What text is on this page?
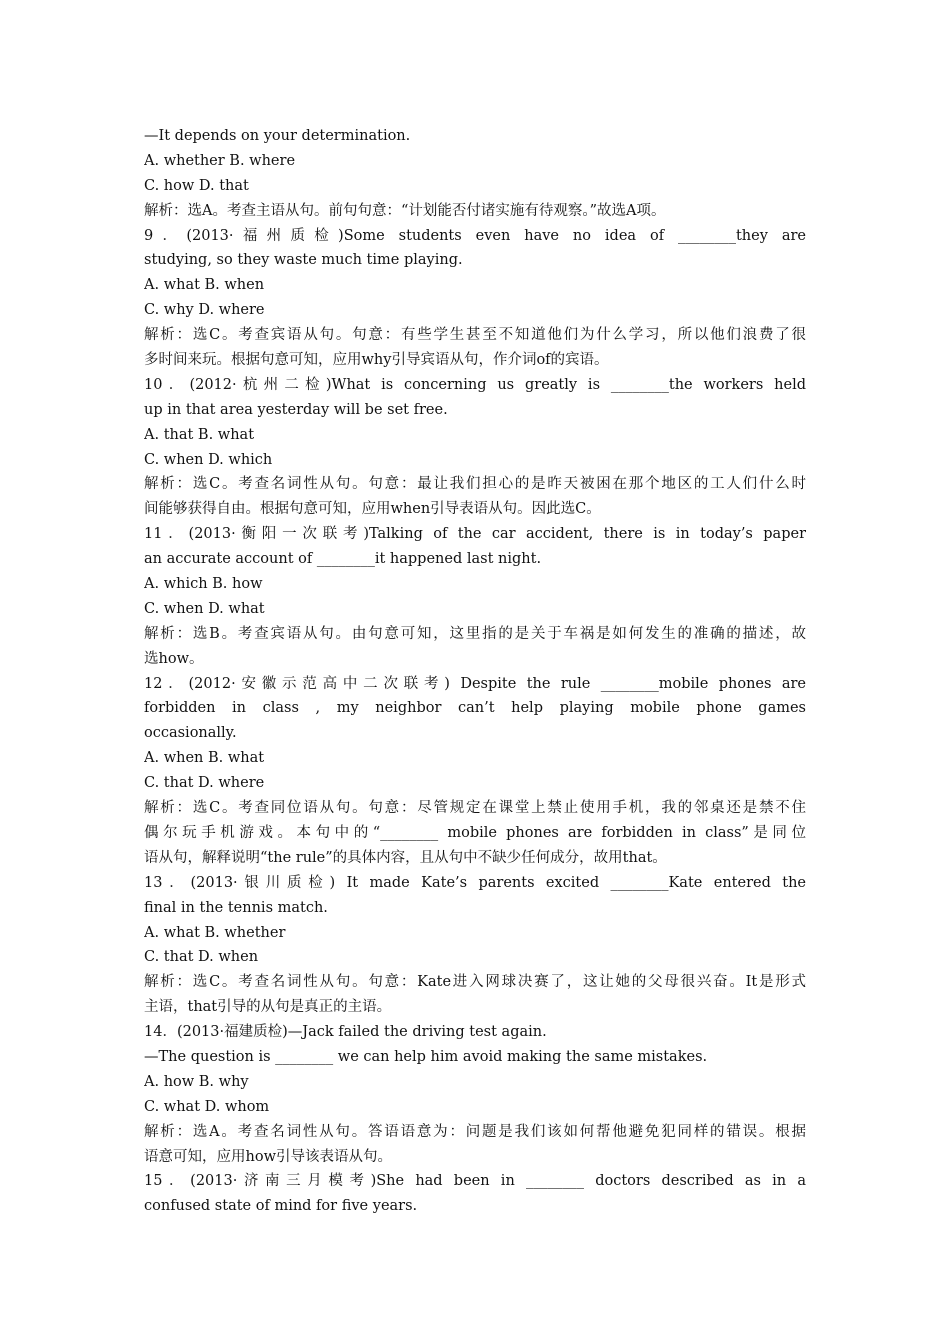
—It depends on your determination.
A. whether B. where
C. how D. that
解析：选A。考查主语从句。前句句意：“计划能否付诸实施有待观察。”故选A项。
9．(2013·福州质检)Some students even have no idea of ________they are
studying, so they waste much time playing.
A. what B. when
C. why D. where
解析：选C。考查宾语从句。句意：有些学生甚至不知道他们为什么学习，所以他们浪费了很
多时间来玩。根据句意可知，应用why引导宾语从句，作介词of的宾语。
10．(2012·杭州二检)What is concerning us greatly is ________the workers held
up in that area yesterday will be set free.
A. that B. what
C. when D. which
解析：选C。考查名词性从句。句意：最让我们担心的是昨天被困在那个地区的工人们什么时
间能够获得自由。根据句意可知，应用when引导表语从句。因此选C。
11．(2013·衡阳一次联考)Talking of the car accident, there is in today’s paper
an accurate account of ________it happened last night.
A. which B. how
C. when D. what
解析：选B。考查宾语从句。由句意可知，这里指的是关于车祸是如何发生的准确的描述，故
选how。
12．(2012·安徽示范高中二次联考) Despite the rule ________mobile phones are
forbidden in class , my neighbor can’t help playing mobile phone games
occasionally.
A. when B. what
C. that D. where
解析：选C。考查同位语从句。句意：尽管规定在课堂上禁止使用手机，我的邻桌还是禁不住
偶尔玩手机游戏。本句中的“________ mobile phones are forbidden in class”是同位
语从句，解释说明“the rule”的具体内容，且从句中不缺少任何成分，故用that。
13．(2013·银川质检) It made Kate’s parents excited ________Kate entered the
final in the tennis match.
A. what B. whether
C. that D. when
解析：选C。考查名词性从句。句意：Kate进入网球决赛了，这让她的父母很兴奋。It是形式
主语，that引导的从句是真正的主语。
14．(2013·福建质检)—Jack failed the driving test again.
—The question is ________ we can help him avoid making the same mistakes.
A. how B. why
C. what D. whom
解析：选A。考查名词性从句。答语语意为：问题是我们该如何帮他避免犯同样的错误。根据
语意可知，应用how引导该表语从句。
15．(2013·济南三月模考)She had been in ________ doctors described as in a
confused state of mind for five years.
